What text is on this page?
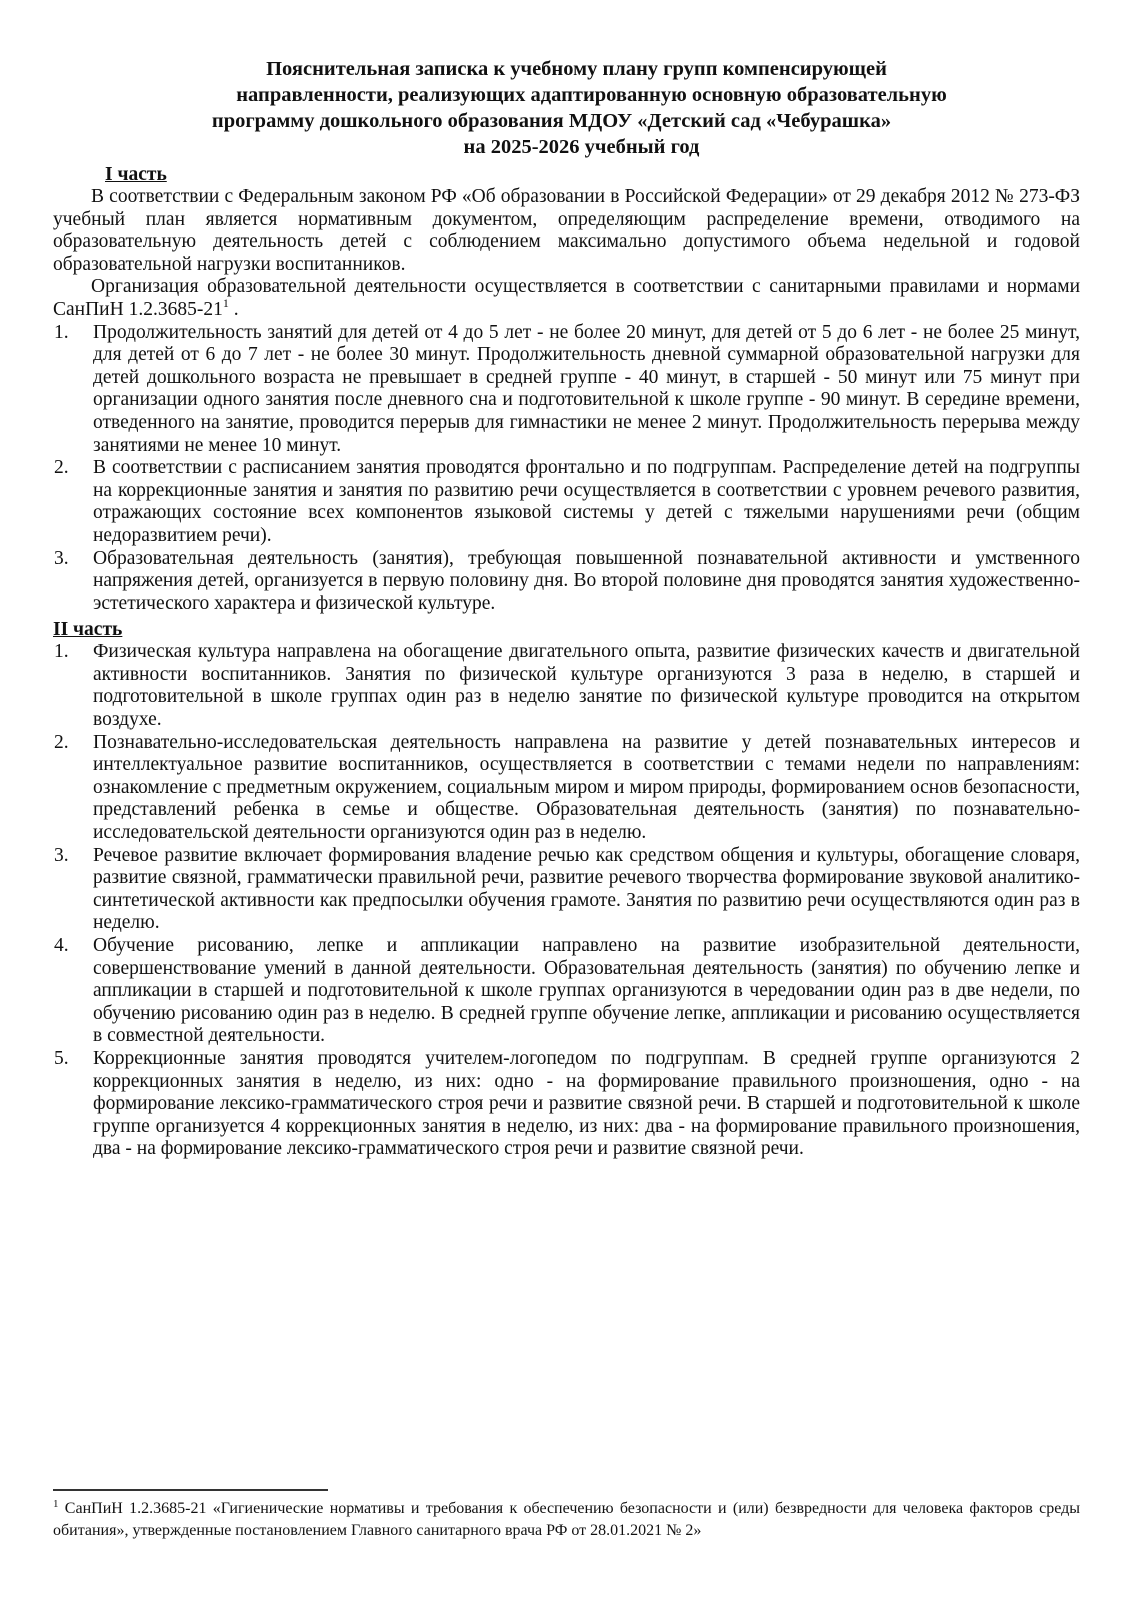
Пояснительная записка к учебному плану групп компенсирующей
направленности, реализующих адаптированную основную образовательную
программу дошкольного образования МДОУ «Детский сад «Чебурашка»
на 2025-2026 учебный год
I часть

В соответствии с Федеральным законом РФ «Об образовании в Российской Федерации» от 29 декабря 2012 № 273-ФЗ учебный план является нормативным документом, определяющим распределение времени, отводимого на образовательную деятельность детей с соблюдением максимально допустимого объема недельной и годовой образовательной нагрузки воспитанников.

Организация образовательной деятельности осуществляется в соответствии с санитарными правилами и нормами СанПиН $1.2.3685-21^1$ .

1. Продолжительность занятий для детей от 4 до 5 лет - не более 20 минут, для детей от 5 до 6 лет - не более 25 минут, для детей от 6 до 7 лет - не более 30 минут. Продолжительность дневной суммарной образовательной нагрузки для детей дошкольного возраста не превышает в средней группе - 40 минут, в старшей - 50 минут или 75 минут при организации одного занятия после дневного сна и подготовительной к школе группе - 90 минут. В середине времени, отведенного на занятие, проводится перерыв для гимнастики не менее 2 минут. Продолжительность перерыва между занятиями не менее 10 минут.
2. В соответствии с расписанием занятия проводятся фронтально и по подгруппам. Распределение детей на подгруппы на коррекционные занятия и занятия по развитию речи осуществляется в соответствии с уровнем речевого развития, отражающих состояние всех компонентов языковой системы у детей с тяжелыми нарушениями речи (общим недоразвитием речи).
3. Образовательная деятельность (занятия), требующая повышенной познавательной активности и умственного напряжения детей, организуется в первую половину дня. Во второй половине дня проводятся занятия художественно-эстетического характера и физической культуре.
II часть
1. Физическая культура направлена на обогащение двигательного опыта, развитие физических качеств и двигательной активности воспитанников. Занятия по физической культуре организуются 3 раза в неделю, в старшей и подготовительной в школе группах один раз в неделю занятие по физической культуре проводится на открытом воздухе.
2. Познавательно-исследовательская деятельность направлена на развитие у детей познавательных интересов и интеллектуальное развитие воспитанников, осуществляется в соответствии с темами недели по направлениям: ознакомление с предметным окружением, социальным миром и миром природы, формированием основ безопасности, представлений ребенка в семье и обществе. Образовательная деятельность (занятия) по познавательно-исследовательской деятельности организуются один раз в неделю.
3. Речевое развитие включает формирования владение речью как средством общения и культуры, обогащение словаря, развитие связной, грамматически правильной речи, развитие речевого творчества формирование звуковой аналитико-синтетической активности как предпосылки обучения грамоте. Занятия по развитию речи осуществляются один раз в неделю.
4. Обучение рисованию, лепке и аппликации направлено на развитие изобразительной деятельности, совершенствование умений в данной деятельности. Образовательная деятельность (занятия) по обучению лепке и аппликации в старшей и подготовительной к школе группах организуются в чередовании один раз в две недели, по обучению рисованию один раз в неделю. В средней группе обучение лепке, аппликации и рисованию осуществляется в совместной деятельности.
5. Коррекционные занятия проводятся учителем-логопедом по подгруппам. В средней группе организуются 2 коррекционных занятия в неделю, из них: одно - на формирование правильного произношения, одно - на формирование лексико-грамматического строя речи и развитие связной речи. В старшей и подготовительной к школе группе организуется 4 коррекционных занятия в неделю, из них: два - на формирование правильного произношения, два - на формирование лексико-грамматического строя речи и развитие связной речи.
$^1$ СанПиН 1.2.3685-21 «Гигиенические нормативы и требования к обеспечению безопасности и (или) безвредности для человека факторов среды обитания», утвержденные постановлением Главного санитарного врача РФ от 28.01.2021 № 2»
